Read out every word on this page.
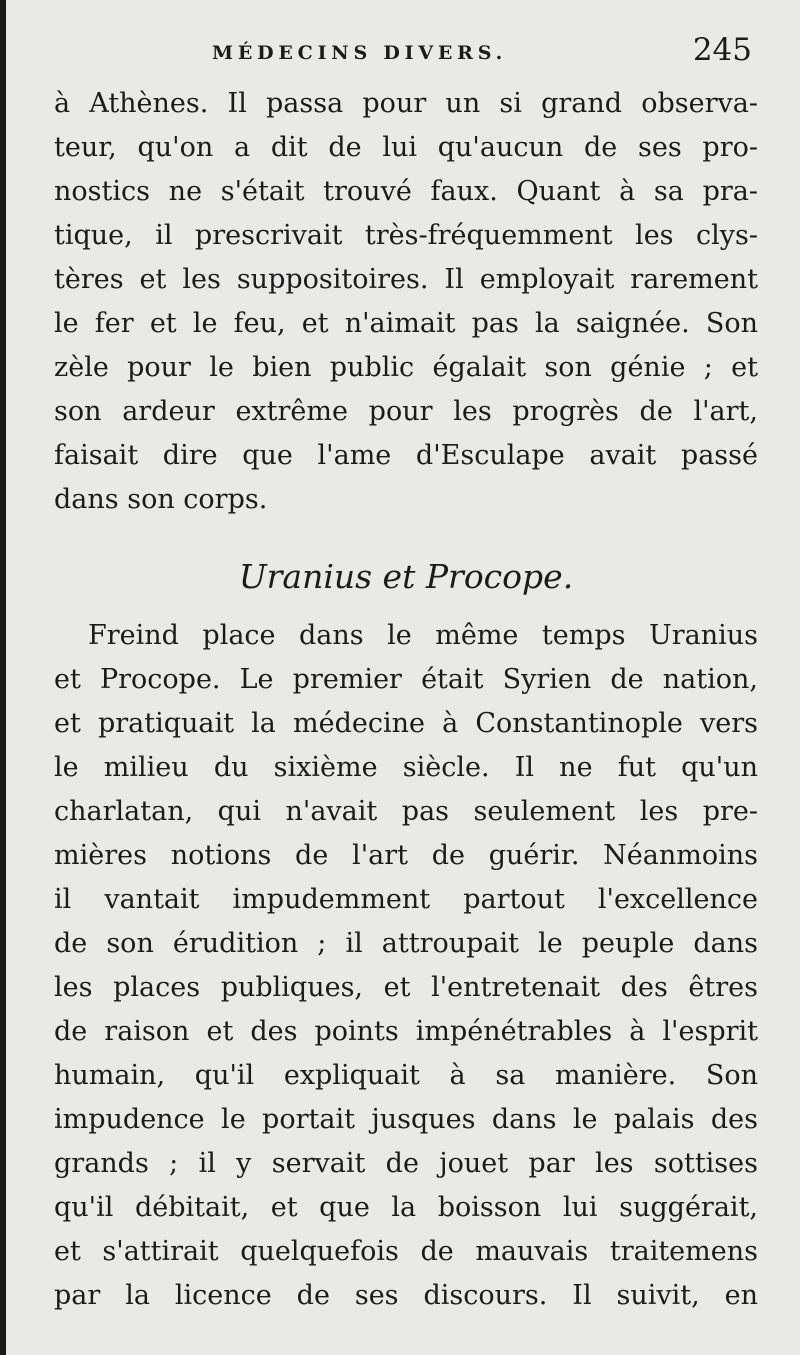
MÉDECINS DIVERS.	245
à Athènes. Il passa pour un si grand observa-
teur, qu'on a dit de lui qu'aucun de ses pro-
nostics ne s'était trouvé faux. Quant à sa pra-
tique, il prescrivait très-fréquemment les clys-
tères et les suppositoires. Il employait rarement
le fer et le feu, et n'aimait pas la saignée. Son
zèle pour le bien public égalait son génie ; et
son ardeur extrême pour les progrès de l'art,
faisait dire que l'ame d'Esculape avait passé
dans son corps.
Uranius et Procope.
Freind place dans le même temps Uranius
et Procope. Le premier était Syrien de nation,
et pratiquait la médecine à Constantinople vers
le milieu du sixième siècle. Il ne fut qu'un
charlatan, qui n'avait pas seulement les pre-
mières notions de l'art de guérir. Néanmoins
il vantait impudemment partout l'excellence
de son érudition ; il attroupait le peuple dans
les places publiques, et l'entretenait des êtres
de raison et des points impénétrables à l'esprit
humain, qu'il expliquait à sa manière. Son
impudence le portait jusques dans le palais des
grands ; il y servait de jouet par les sottises
qu'il débitait, et que la boisson lui suggérait,
et s'attirait quelquefois de mauvais traitemens
par la licence de ses discours. Il suivit, en
